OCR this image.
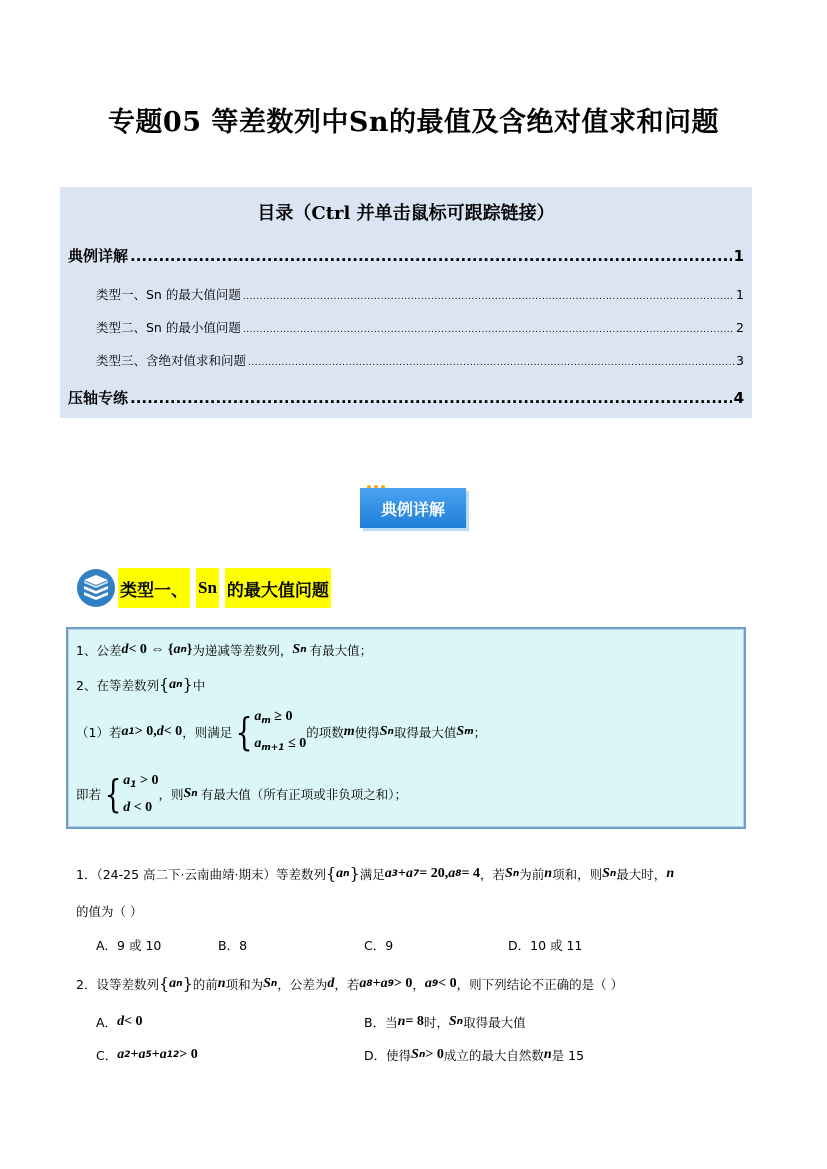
专题05 等差数列中Sn的最值及含绝对值求和问题
目录（Ctrl 并单击鼠标可跟踪链接）
典例详解 .....	1
类型一、Sn 的最大值问题 .....	1
类型二、Sn 的最小值问题 .....	2
类型三、含绝对值求和问题 .....	3
压轴专练 .....	4
典例详解
类型一、 Sn 的最大值问题
1、公差 d < 0 ⇔ { a n } 为递减等差数列， S n 有最大值；
2、在等差数列 { a n } 中
（1）若 a 1 > 0, d < 0 ，则满足 { $a_m \ge 0$
$a_{m+1} \le 0$
的项数 m 使得 S n 取得最大值 S m ；
即若 { $a_1 > 0$
d < 0
，则 S n 有最大值（所有正项或非负项之和）；
1．（24-25 高二下·云南曲靖·期末）等差数列 { a n } 满足 a 3 + a 7 = 20, a 8 = 4 ，若 S n 为前 n 项和，则 S n 最大时， n
的值为（ ）
A．9 或 10	B．8	C．9	D．10 或 11
2．设等差数列 { a n } 的前 n 项和为 S n ，公差为 d ，若 a 8 + a 9 > 0 ， a 9 < 0 ，则下列结论不正确的是（ ）
A． d < 0	B．当 n = 8 时， S n 取得最大值
C． a 2 + a 5 + a 12 > 0	D．使得 S n > 0 成立的最大自然数 n 是 15
